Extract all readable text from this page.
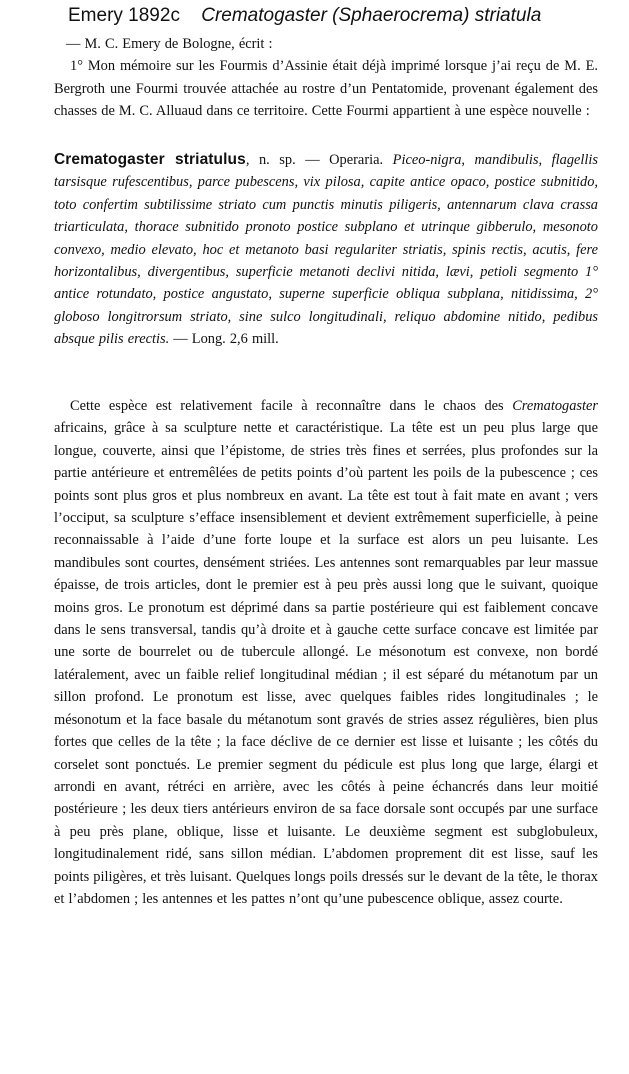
Emery 1892c Crematogaster (Sphaerocrema) striatula
— M. C. Emery de Bologne, écrit :
1° Mon mémoire sur les Fourmis d’Assinie était déjà imprimé lorsque j’ai reçu de M. E. Bergroth une Fourmi trouvée attachée au rostre d’un Pentatomide, provenant également des chasses de M. C. Alluaud dans ce territoire. Cette Fourmi appartient à une espèce nouvelle :

Crematogaster striatulus, n. sp. — Operaria. Piceo-nigra, mandibulis, flagellis tarsisque rufescentibus, parce pubescens, vix pilosa, capite antice opaco, postice subnitido, toto confertim subtilissime striato cum punctis minutis piligeris, antennarum clava crassa triarticulata, thorace subnitido pronoto postice subplano et utrinque gibberulo, mesonoto convexo, medio elevato, hoc et metanoto basi regulariter striatis, spinis rectis, acutis, fere horizontalibus, divergentibus, superficie metanoti declivi nitida, lævi, petioli segmento 1° antice rotundato, postice angustato, superne superficie obliqua subplana, nitidissima, 2° globoso longitrorsum striato, sine sulco longitudinali, reliquo abdomine nitido, pedibus absque pilis erectis. — Long. 2,6 mill.

Cette espèce est relativement facile à reconnaître dans le chaos des Crematogaster africains, grâce à sa sculpture nette et caractéristique. La tête est un peu plus large que longue, couverte, ainsi que l’épistome, de stries très fines et serrées, plus profondes sur la partie antérieure et entremêlées de petits points d’où partent les poils de la pubescence ; ces points sont plus gros et plus nombreux en avant. La tête est tout à fait mate en avant ; vers l’occiput, sa sculpture s’efface insensiblement et devient extrêmement superficielle, à peine reconnaissable à l’aide d’une forte loupe et la surface est alors un peu luisante. Les mandibules sont courtes, densément striées. Les antennes sont remarquables par leur massue épaisse, de trois articles, dont le premier est à peu près aussi long que le suivant, quoique moins gros. Le pronotum est déprimé dans sa partie postérieure qui est faiblement concave dans le sens transversal, tandis qu’à droite et à gauche cette surface concave est limitée par une sorte de bourrelet ou de tubercule allongé. Le mésonotum est convexe, non bordé latéralement, avec un faible relief longitudinal médian ; il est séparé du métanotum par un sillon profond. Le pronotum est lisse, avec quelques faibles rides longitudinales ; le mésonotum et la face basale du métanotum sont gravés de stries assez régulières, bien plus fortes que celles de la tête ; la face déclive de ce dernier est lisse et luisante ; les côtés du corselet sont ponctués. Le premier segment du pédicule est plus long que large, élargi et arrondi en avant, rétréci en arrière, avec les côtés à peine échancrés dans leur moitié postérieure ; les deux tiers antérieurs environ de sa face dorsale sont occupés par une surface à peu près plane, oblique, lisse et luisante. Le deuxième segment est subglobuleux, longitudinalement ridé, sans sillon médian. L’abdomen proprement dit est lisse, sauf les points piligères, et très luisant. Quelques longs poils dressés sur le devant de la tête, le thorax et l’abdomen ; les antennes et les pattes n’ont qu’une pubescence oblique, assez courte.
